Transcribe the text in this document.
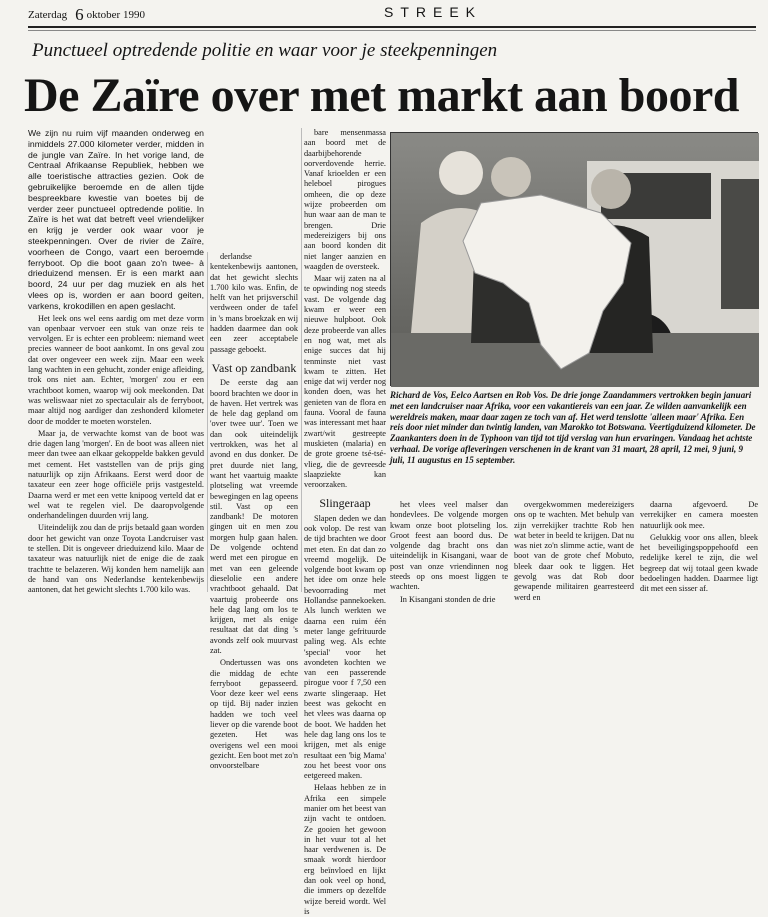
Zaterdag 6 oktober 1990	STREEK
Punctueel optredende politie en waar voor je steekpenningen
De Zaïre over met markt aan boord

We zijn nu ruim vijf maanden onderweg en inmiddels 27.000 kilometer verder, midden in de jungle van Zaïre. In het vorige land, de Centraal Afrikaanse Republiek, hebben we alle toeristische attracties gezien. Ook de gebruikelijke beroemde en de allen tijde bespreekbare kwestie van boetes bij de verder zeer punctueel optredende politie. In Zaïre is het wat dat betreft veel vriendelijker en krijg je verder ook waar voor je steekpenningen. Over de rivier de Zaïre, voorheen de Congo, vaart een beroemde ferryboot. Op die boot gaan zo'n twee- à drieduizend mensen. Er is een markt aan boord, 24 uur per dag muziek en als het vlees op is, worden er aan boord geiten, varkens, krokodillen en apen geslacht.

Het leek ons wel eens aardig om met deze vorm van openbaar vervoer een stuk van onze reis te vervolgen. Er is echter een probleem: niemand weet precies wanneer de boot aankomt. In ons geval zou dat over ongeveer een week zijn. Maar een week lang wachten in een gehucht, zonder enige afleiding, trok ons niet aan. Echter, 'morgen' zou er een vrachtboot komen, waarop wij ook meekonden. Dat was weliswaar niet zo spectaculair als de ferryboot, maar altijd nog aardiger dan zeshonderd kilometer door de modder te moeten worstelen.

Maar ja, de verwachte komst van de boot was drie dagen lang 'morgen'. En de boot was alleen niet meer dan twee aan elkaar gekoppelde bakken gevuld met cement. Het vaststellen van de prijs ging natuurlijk op zijn Afrikaans. Eerst werd door de taxateur een zeer hoge officiële prijs vastgesteld. Daarna werd er met een vette knipoog verteld dat er wel wat te regelen viel. De daaropvolgende onderhandelingen duurden vrij lang.

Uiteindelijk zou dan de prijs betaald gaan worden door het gewicht van onze Toyota Landcruiser vast te stellen. Dit is ongeveer drieduizend kilo. Maar de taxateur was natuurlijk niet de enige die de zaak trachtte te belazeren. Wij konden hem namelijk aan de hand van ons Nederlandse kentekenbewijs aantonen, dat het gewicht slechts 1.700 kilo was.

derlandse kentekenbewijs aantonen, dat het gewicht slechts 1.700 kilo was. Enfin, de helft van het prijsverschil verdween onder de tafel in 's mans broekzak en wij hadden daarmee dan ook een zeer acceptabele passage geboekt.

Vast op zandbank

De eerste dag aan boord brachten we door in de haven. Het vertrek was de hele dag gepland om 'over twee uur'. Toen we dan ook uiteindelijk vertrokken, was het al avond en dus donker. De pret duurde niet lang, want het vaartuig maakte plotseling wat vreemde bewegingen en lag opeens stil. Vast op een zandbank! De motoren gingen uit en men zou morgen hulp gaan halen. De volgende ochtend werd met een pirogue en met van een geleende dieselolie een andere vrachtboot gehaald. Dat vaartuig probeerde ons hele dag lang om los te krijgen, met als enige resultaat dat dat ding 's avonds zelf ook muurvast zat.

Ondertussen was ons die middag de echte ferryboot gepasseerd. Voor deze keer wel eens op tijd. Bij nader inzien hadden we toch veel liever op die varende boot gezeten. Het was overigens wel een mooi gezicht. Een boot met zo'n onvoorstelbare

bare mensenmassa aan boord met de daarbijbehorende oorverdovende herrie. Vanaf krioelden er een heleboel pirogues omheen, die op deze wijze probeerden om hun waar aan de man te brengen. Drie medereizigers bij ons aan boord konden dit niet langer aanzien en waagden de oversteek.

Maar wij zaten na al te opwinding nog steeds vast. De volgende dag kwam er weer een nieuwe hulpboot. Ook deze probeerde van alles en nog wat, met als enige succes dat hij tenminste niet vast kwam te zitten. Het enige dat wij verder nog konden doen, was het genieten van de flora en fauna. Vooral de fauna was interessant met haar zwart/wit gestreepte muskieten (malaria) en de grote groene tsé-tsé-vlieg, die de gevreesde slaapziekte kan veroorzaken.

Slingeraap

Slapen deden we dan ook volop. De rest van de tijd brachten we door met eten. En dat dan zo vreemd mogelijk. De volgende boot kwam op het idee om onze hele bevoorrading met Hollandse pannekoeken. Als lunch werkten we daarna een ruim één meter lange gefrituurde paling weg. Als echte 'special' voor het avondeten kochten we van een passerende pirogue voor f 7,50 een zwarte slingeraap. Het beest was gekocht en het vlees was daarna op de boot. We hadden het hele dag lang ons los te krijgen, met als enige resultaat een 'big Mama' zou het beest voor ons eetgereed maken.

Helaas hebben ze in Afrika een simpele manier om het beest van zijn vacht te ontdoen. Ze gooien het gewoon in het vuur tot al het haar verdwenen is. De smaak wordt hierdoor erg beïnvloed en lijkt dan ook veel op hond, die immers op dezelfde wijze bereid wordt. Wel is

Richard de Vos, Eelco Aartsen en Rob Vos. De drie jonge Zaandammers vertrokken begin januari met een landcruiser naar Afrika, voor een vakantiereis van een jaar. Ze wilden aanvankelijk een wereldreis maken, maar daar zagen ze toch van af. Het werd tenslotte 'alleen maar' Afrika. Een reis door niet minder dan twintig landen, van Marokko tot Botswana. Veertigduizend kilometer. De Zaankanters doen in de Typhoon van tijd tot tijd verslag van hun ervaringen. Vandaag het achtste verhaal. De vorige afleveringen verschenen in de krant van 31 maart, 28 april, 12 mei, 9 juni, 9 juli, 11 augustus en 15 september.

het vlees veel malser dan hondevlees. De volgende morgen kwam onze boot plotseling los. Groot feest aan boord dus. De volgende dag bracht ons dan uiteindelijk in Kisangani, waar de post van onze vriendinnen nog steeds op ons moest liggen te wachten.

In Kisangani stonden de drie

overgekwommen medereizigers ons op te wachten. Met behulp van zijn verrekijker trachtte Rob hen wat beter in beeld te krijgen. Dat nu was niet zo'n slimme actie, want de boot van de grote chef Mobuto, bleek daar ook te liggen. Het gevolg was dat Rob door gewapende militairen gearresteerd werd en

daarna afgevoerd. De verrekijker en camera moesten natuurlijk ook mee.

Gelukkig voor ons allen, bleek het beveiligingspoppehoofd een redelijke kerel te zijn, die wel begreep dat wij totaal geen kwade bedoelingen hadden. Daarmee ligt dit met een sisser af.
